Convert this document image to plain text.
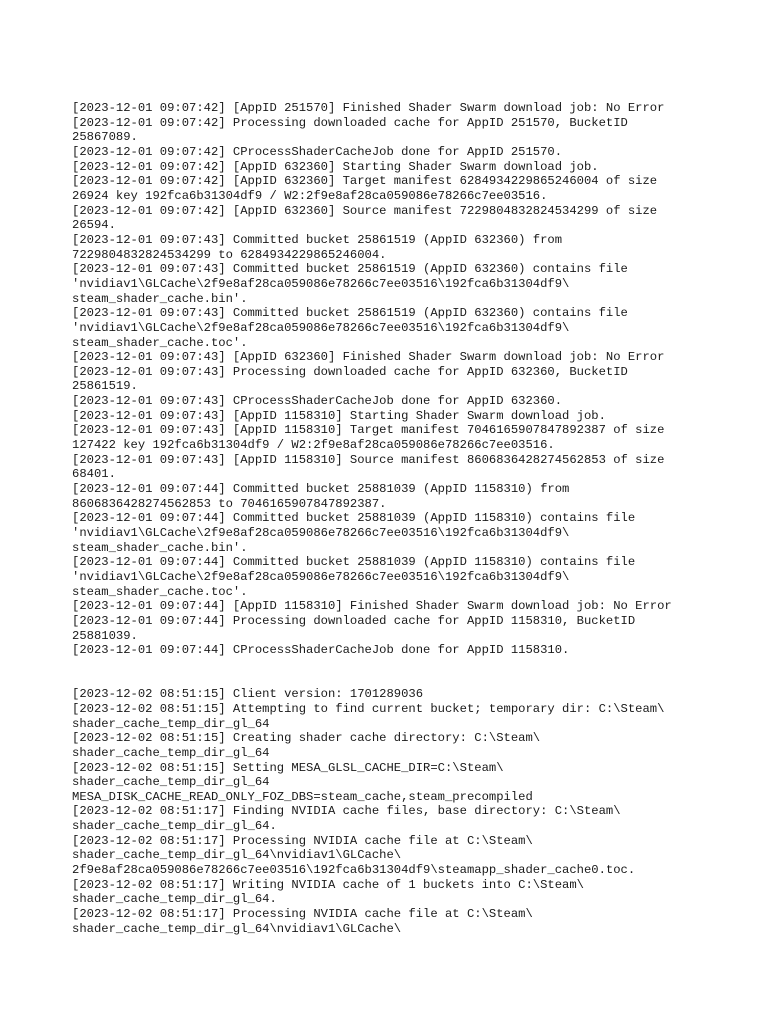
[2023-12-01 09:07:42] [AppID 251570] Finished Shader Swarm download job: No Error
[2023-12-01 09:07:42] Processing downloaded cache for AppID 251570, BucketID
25867089.
[2023-12-01 09:07:42] CProcessShaderCacheJob done for AppID 251570.
[2023-12-01 09:07:42] [AppID 632360] Starting Shader Swarm download job.
[2023-12-01 09:07:42] [AppID 632360] Target manifest 6284934229865246004 of size
26924 key 192fca6b31304df9 / W2:2f9e8af28ca059086e78266c7ee03516.
[2023-12-01 09:07:42] [AppID 632360] Source manifest 7229804832824534299 of size
26594.
[2023-12-01 09:07:43] Committed bucket 25861519 (AppID 632360) from
7229804832824534299 to 6284934229865246004.
[2023-12-01 09:07:43] Committed bucket 25861519 (AppID 632360) contains file
'nvidiav1\GLCache\2f9e8af28ca059086e78266c7ee03516\192fca6b31304df9\
steam_shader_cache.bin'.
[2023-12-01 09:07:43] Committed bucket 25861519 (AppID 632360) contains file
'nvidiav1\GLCache\2f9e8af28ca059086e78266c7ee03516\192fca6b31304df9\
steam_shader_cache.toc'.
[2023-12-01 09:07:43] [AppID 632360] Finished Shader Swarm download job: No Error
[2023-12-01 09:07:43] Processing downloaded cache for AppID 632360, BucketID
25861519.
[2023-12-01 09:07:43] CProcessShaderCacheJob done for AppID 632360.
[2023-12-01 09:07:43] [AppID 1158310] Starting Shader Swarm download job.
[2023-12-01 09:07:43] [AppID 1158310] Target manifest 7046165907847892387 of size
127422 key 192fca6b31304df9 / W2:2f9e8af28ca059086e78266c7ee03516.
[2023-12-01 09:07:43] [AppID 1158310] Source manifest 8606836428274562853 of size
68401.
[2023-12-01 09:07:44] Committed bucket 25881039 (AppID 1158310) from
8606836428274562853 to 7046165907847892387.
[2023-12-01 09:07:44] Committed bucket 25881039 (AppID 1158310) contains file
'nvidiav1\GLCache\2f9e8af28ca059086e78266c7ee03516\192fca6b31304df9\
steam_shader_cache.bin'.
[2023-12-01 09:07:44] Committed bucket 25881039 (AppID 1158310) contains file
'nvidiav1\GLCache\2f9e8af28ca059086e78266c7ee03516\192fca6b31304df9\
steam_shader_cache.toc'.
[2023-12-01 09:07:44] [AppID 1158310] Finished Shader Swarm download job: No Error
[2023-12-01 09:07:44] Processing downloaded cache for AppID 1158310, BucketID
25881039.
[2023-12-01 09:07:44] CProcessShaderCacheJob done for AppID 1158310.
[2023-12-02 08:51:15] Client version: 1701289036
[2023-12-02 08:51:15] Attempting to find current bucket; temporary dir: C:\Steam\
shader_cache_temp_dir_gl_64
[2023-12-02 08:51:15] Creating shader cache directory: C:\Steam\
shader_cache_temp_dir_gl_64
[2023-12-02 08:51:15] Setting MESA_GLSL_CACHE_DIR=C:\Steam\
shader_cache_temp_dir_gl_64
MESA_DISK_CACHE_READ_ONLY_FOZ_DBS=steam_cache,steam_precompiled
[2023-12-02 08:51:17] Finding NVIDIA cache files, base directory: C:\Steam\
shader_cache_temp_dir_gl_64.
[2023-12-02 08:51:17] Processing NVIDIA cache file at C:\Steam\
shader_cache_temp_dir_gl_64\nvidiav1\GLCache\
2f9e8af28ca059086e78266c7ee03516\192fca6b31304df9\steamapp_shader_cache0.toc.
[2023-12-02 08:51:17] Writing NVIDIA cache of 1 buckets into C:\Steam\
shader_cache_temp_dir_gl_64.
[2023-12-02 08:51:17] Processing NVIDIA cache file at C:\Steam\
shader_cache_temp_dir_gl_64\nvidiav1\GLCache\
